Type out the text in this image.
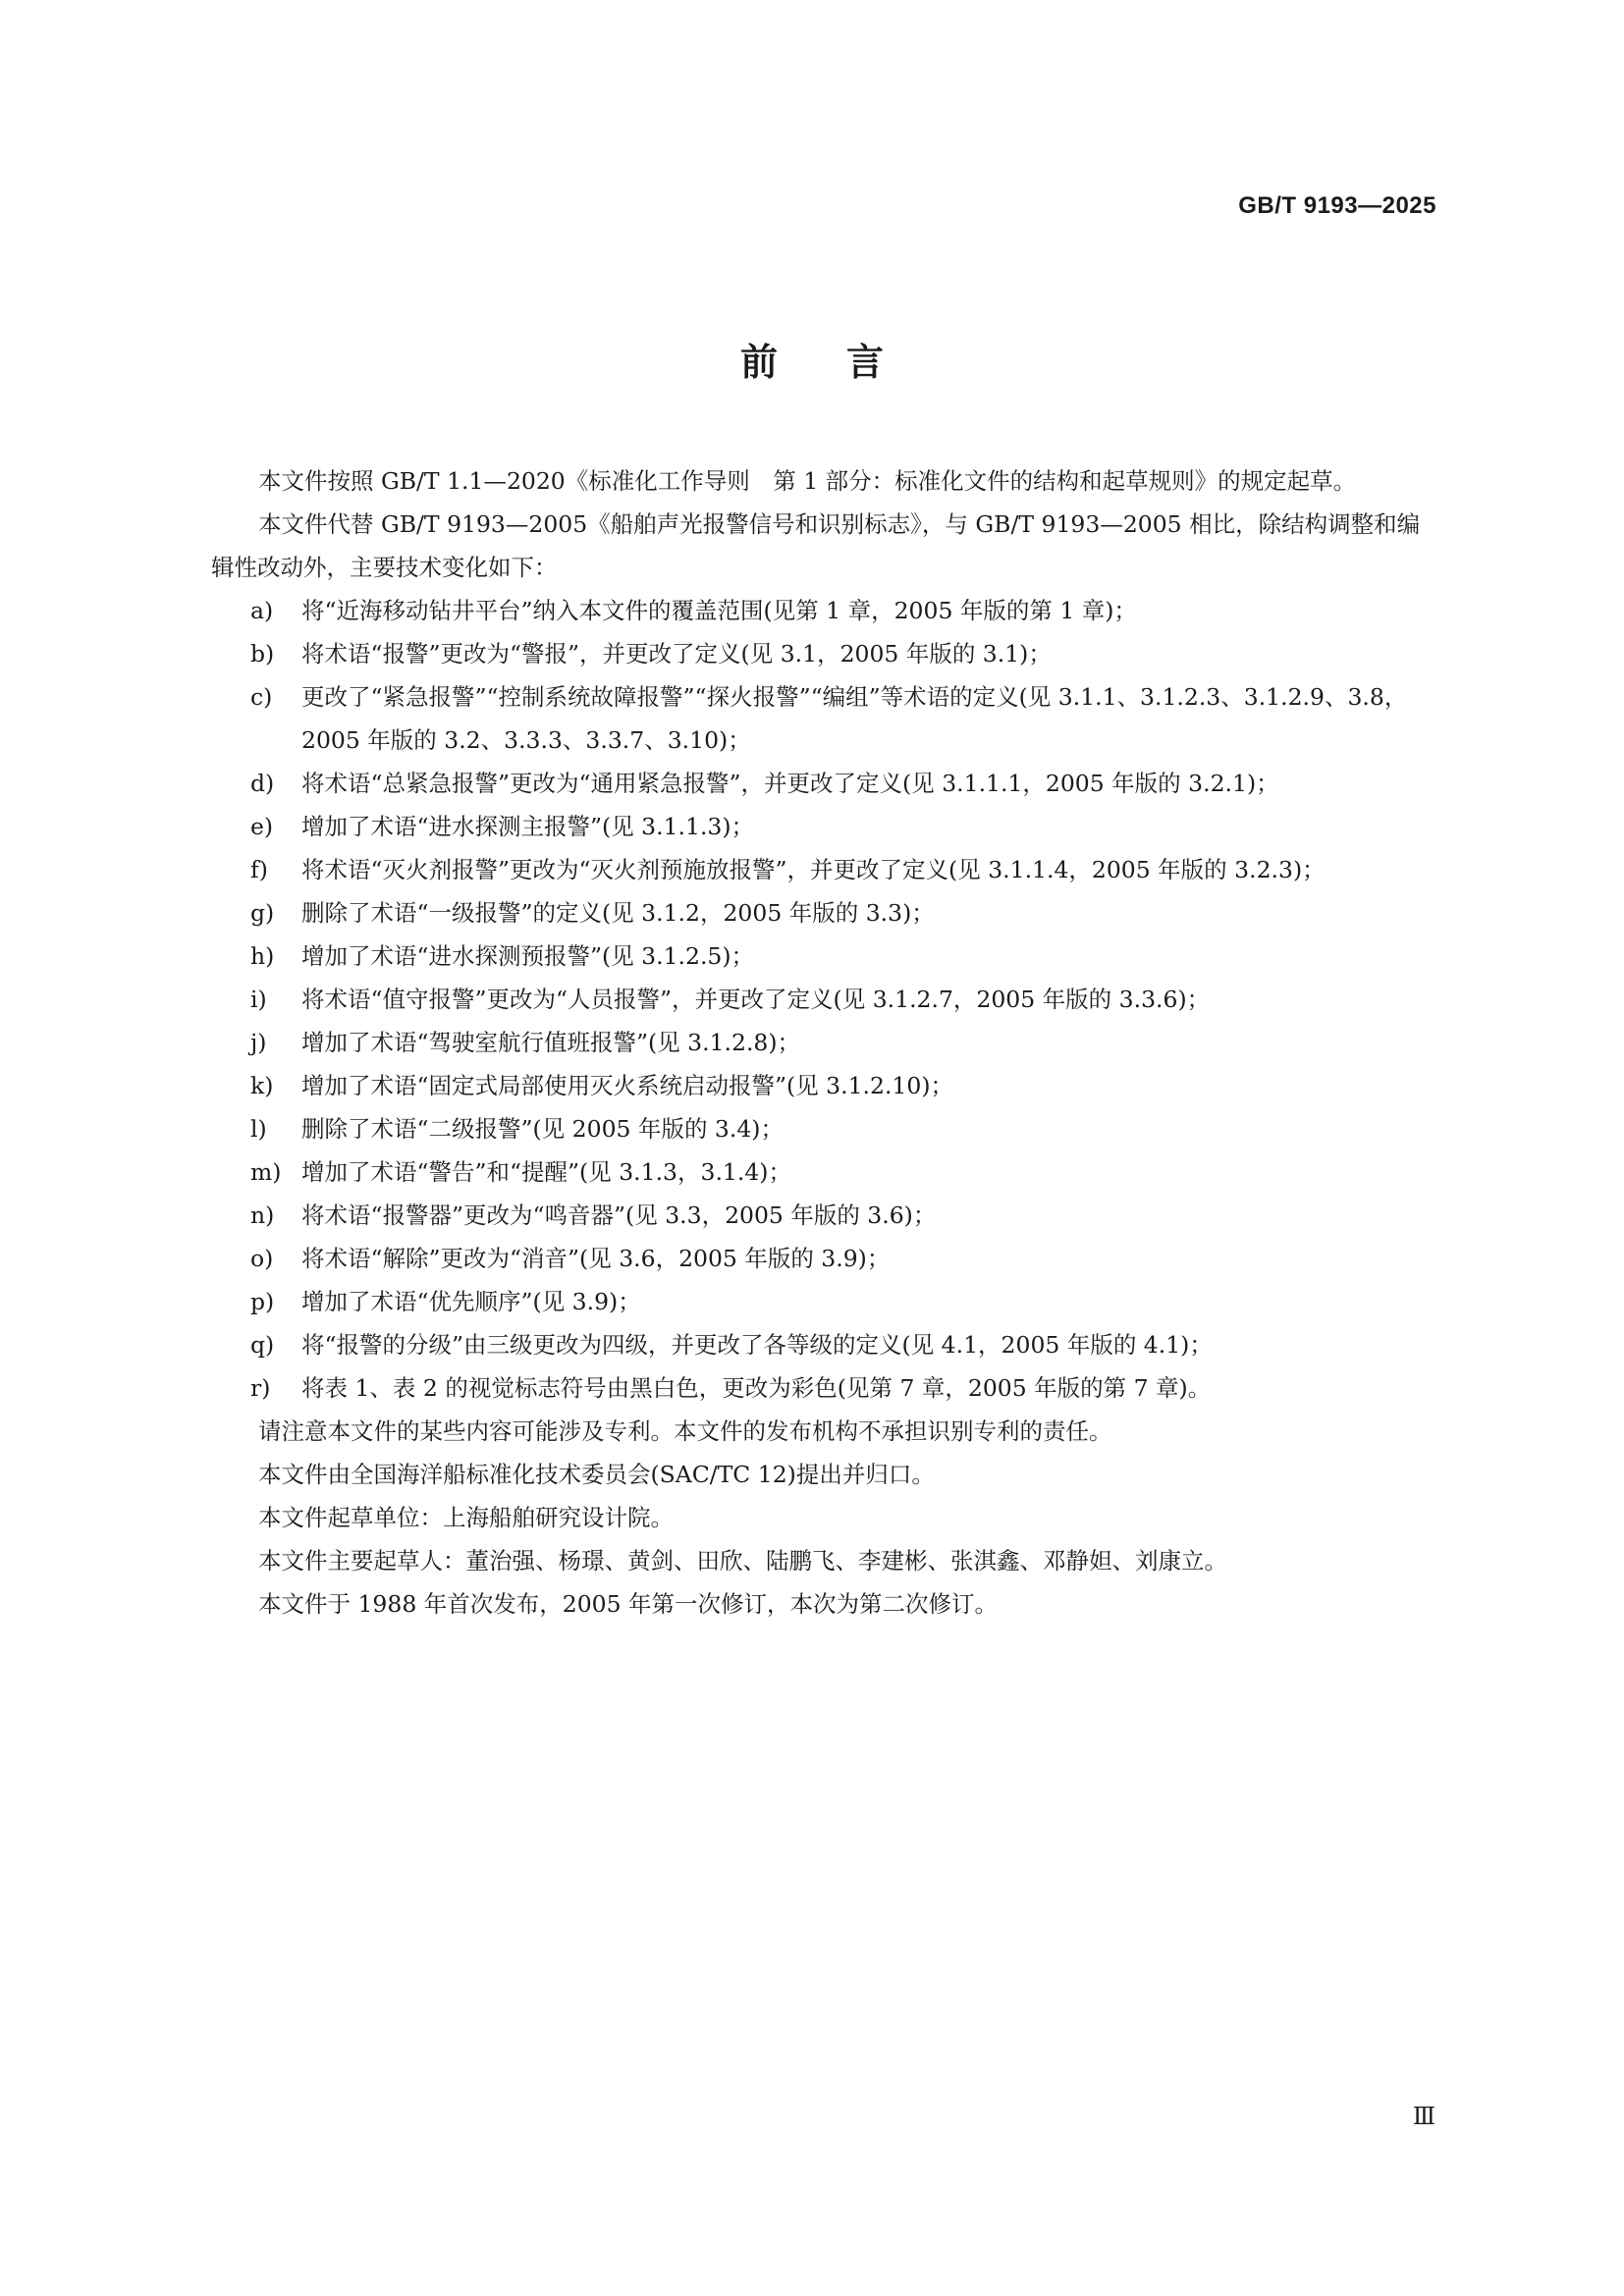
GB/T 9193—2025
前言

本文件按照 GB/T 1.1—2020《标准化工作导则　第 1 部分：标准化文件的结构和起草规则》的规定起草。

本文件代替 GB/T 9193—2005《船舶声光报警信号和识别标志》，与 GB/T 9193—2005 相比，除结构调整和编辑性改动外，主要技术变化如下：

a)	将“近海移动钻井平台”纳入本文件的覆盖范围(见第 1 章，2005 年版的第 1 章)；
b)	将术语“报警”更改为“警报”，并更改了定义(见 3.1，2005 年版的 3.1)；
c)	更改了“紧急报警”“控制系统故障报警”“探火报警”“编组”等术语的定义(见 3.1.1、3.1.2.3、3.1.2.9、3.8，2005 年版的 3.2、3.3.3、3.3.7、3.10)；
d)	将术语“总紧急报警”更改为“通用紧急报警”，并更改了定义(见 3.1.1.1，2005 年版的 3.2.1)；
e)	增加了术语“进水探测主报警”(见 3.1.1.3)；
f)	将术语“灭火剂报警”更改为“灭火剂预施放报警”，并更改了定义(见 3.1.1.4，2005 年版的 3.2.3)；
g)	删除了术语“一级报警”的定义(见 3.1.2，2005 年版的 3.3)；
h)	增加了术语“进水探测预报警”(见 3.1.2.5)；
i)	将术语“值守报警”更改为“人员报警”，并更改了定义(见 3.1.2.7，2005 年版的 3.3.6)；
j)	增加了术语“驾驶室航行值班报警”(见 3.1.2.8)；
k)	增加了术语“固定式局部使用灭火系统启动报警”(见 3.1.2.10)；
l)	删除了术语“二级报警”(见 2005 年版的 3.4)；
m) 增加了术语“警告”和“提醒”(见 3.1.3，3.1.4)；
n)	将术语“报警器”更改为“鸣音器”(见 3.3，2005 年版的 3.6)；
o)	将术语“解除”更改为“消音”(见 3.6，2005 年版的 3.9)；
p)	增加了术语“优先顺序”(见 3.9)；
q)	将“报警的分级”由三级更改为四级，并更改了各等级的定义(见 4.1，2005 年版的 4.1)；
r)	将表 1、表 2 的视觉标志符号由黑白色，更改为彩色(见第 7 章，2005 年版的第 7 章)。

请注意本文件的某些内容可能涉及专利。本文件的发布机构不承担识别专利的责任。

本文件由全国海洋船标准化技术委员会(SAC/TC 12)提出并归口。

本文件起草单位：上海船舶研究设计院。

本文件主要起草人：董治强、杨璟、黄剑、田欣、陆鹏飞、李建彬、张淇鑫、邓静妲、刘康立。

本文件于 1988 年首次发布，2005 年第一次修订，本次为第二次修订。

Ⅲ
